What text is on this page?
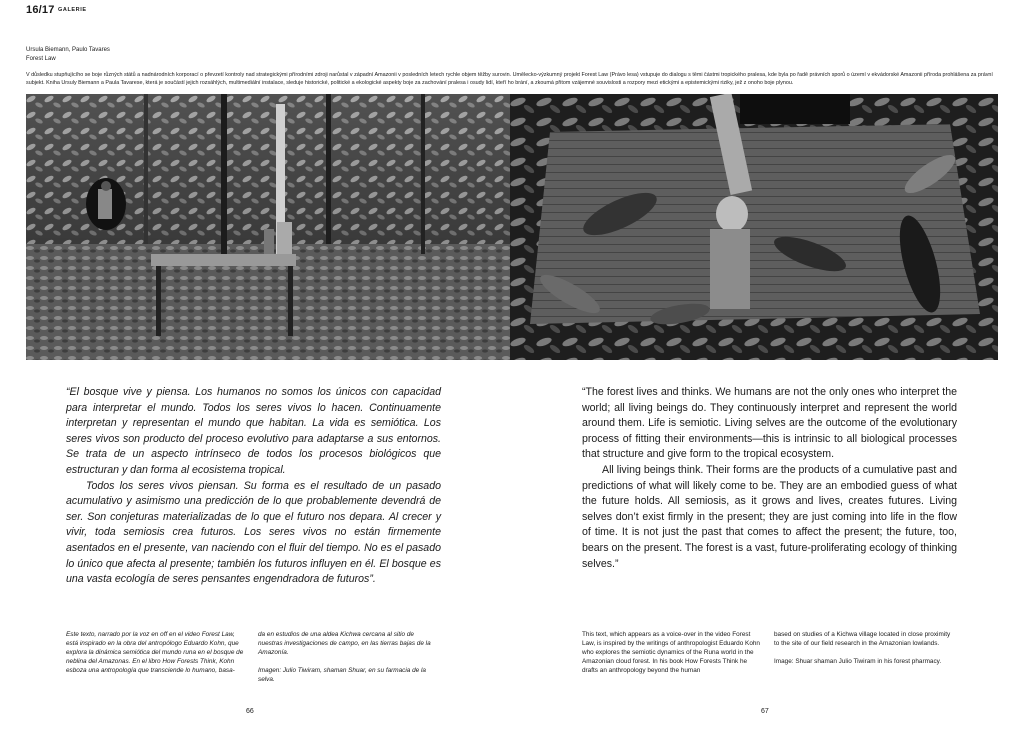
16/17 GALERIE
Ursula Biemann, Paulo Tavares
Forest Law
V důsledku stupňujícího se boje různých států a nadnárodních korporací o převzetí kontroly nad strategickými přírodními zdroji narůstal v západní Amazonii v posledních letech rychle objem těžby surovin. Umělecko-výzkumný projekt Forest Law (Právo lesa) vstupuje do dialogu s těmi částmi tropického pralesa, kde byla po řadě právních sporů o území v ekvádorské Amazonii příroda prohlášena za právní subjekt. Kniha Ursuly Biemann a Paula Tavarese, která je součástí jejich rozsáhlých, multimediální instalace, sleduje historické, politické a ekologické aspekty boje za zachování pralesa i osudy lidí, kteří ho brání, a zkoumá přitom vzájemné souvislosti a rozpory mezi etickými a epistemickými riziky, jež z onoho boje plynou.

“El bosque vive y piensa. Los humanos no somos los únicos con capacidad para interpretar el mundo. Todos los seres vivos lo hacen. Continuamente interpretan y representan el mundo que habitan. La vida es semiótica. Los seres vivos son producto del proceso evolutivo para adaptarse a sus entornos. Se trata de un aspecto intrínseco de todos los procesos biológicos que estructuran y dan forma al ecosistema tropical.

Todos los seres vivos piensan. Su forma es el resultado de un pasado acumulativo y asimismo una predicción de lo que probablemente devendrá de ser. Son conjeturas materializadas de lo que el futuro nos depara. Al crecer y vivir, toda semiosis crea futuros. Los seres vivos no están firmemente asentados en el presente, van naciendo con el fluir del tiempo. No es el pasado lo único que afecta al presente; también los futuros influyen en él. El bosque es una vasta ecología de seres pensantes engendradora de futuros”.

“The forest lives and thinks. We humans are not the only ones who interpret the world; all living beings do. They continuously interpret and represent the world around them. Life is semiotic. Living selves are the outcome of the evolutionary process of fitting their environments—this is intrinsic to all biological processes that structure and give form to the tropical ecosystem.

All living beings think. Their forms are the products of a cumulative past and predictions of what will likely come to be. They are an embodied guess of what the future holds. All semiosis, as it grows and lives, creates futures. Living selves don’t exist firmly in the present; they are just coming into life in the flow of time. It is not just the past that comes to affect the present; the future, too, bears on the present. The forest is a vast, future-proliferating ecology of thinking selves.”

Este texto, narrado por la voz en off en el video Forest Law, está inspirado en la obra del antropólogo Eduardo Kohn, que explora la dinámica semiótica del mundo runa en el bosque de neblina del Amazonas. En el libro How Forests Think, Kohn esboza una antropología que transciende lo humano, basa-

da en estudios de una aldea Kichwa cercana al sitio de nuestras investigaciones de campo, en las tierras bajas de la Amazonía.

Imagen: Julio Tiwiram, shaman Shuar, en su farmacia de la selva.

This text, which appears as a voice-over in the video Forest Law, is inspired by the writings of anthropologist Eduardo Kohn who explores the semiotic dynamics of the Runa world in the Amazonian cloud forest. In his book How Forests Think he drafts an anthropology beyond the human

based on studies of a Kichwa village located in close proximity to the site of our field research in the Amazonian lowlands.

Image: Shuar shaman Julio Tiwiram in his forest pharmacy.

66	67
